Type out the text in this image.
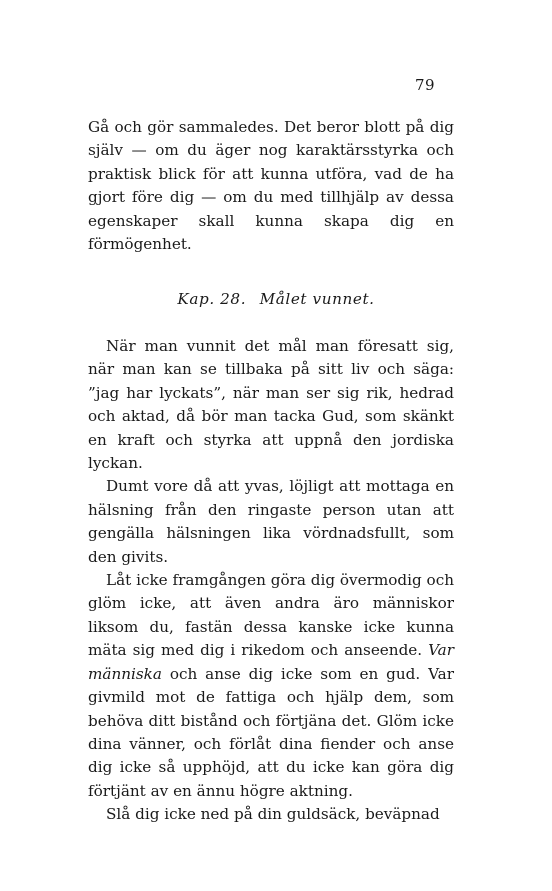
79

Gå och gör sammaledes. Det beror blott på dig själv — om du äger nog karaktärsstyrka och praktisk blick för att kunna utföra, vad de ha gjort före dig — om du med tillhjälp av dessa egenskaper skall kunna skapa dig en förmögenhet.

Kap. 28. Målet vunnet.

När man vunnit det mål man föresatt sig, när man kan se tillbaka på sitt liv och säga: ”jag har lyckats”, när man ser sig rik, hedrad och aktad, då bör man tacka Gud, som skänkt en kraft och styrka att uppnå den jordiska lyckan.

Dumt vore då att yvas, löjligt att mottaga en hälsning från den ringaste person utan att gengälla hälsningen lika vördnadsfullt, som den givits.

Låt icke framgången göra dig övermodig och glöm icke, att även andra äro människor liksom du, fastän dessa kanske icke kunna mäta sig med dig i rikedom och anseende. Var människa och anse dig icke som en gud. Var givmild mot de fattiga och hjälp dem, som behöva ditt bistånd och förtjäna det. Glöm icke dina vänner, och förlåt dina fiender och anse dig icke så upphöjd, att du icke kan göra dig förtjänt av en ännu högre aktning.

Slå dig icke ned på din guldsäck, beväpnad
